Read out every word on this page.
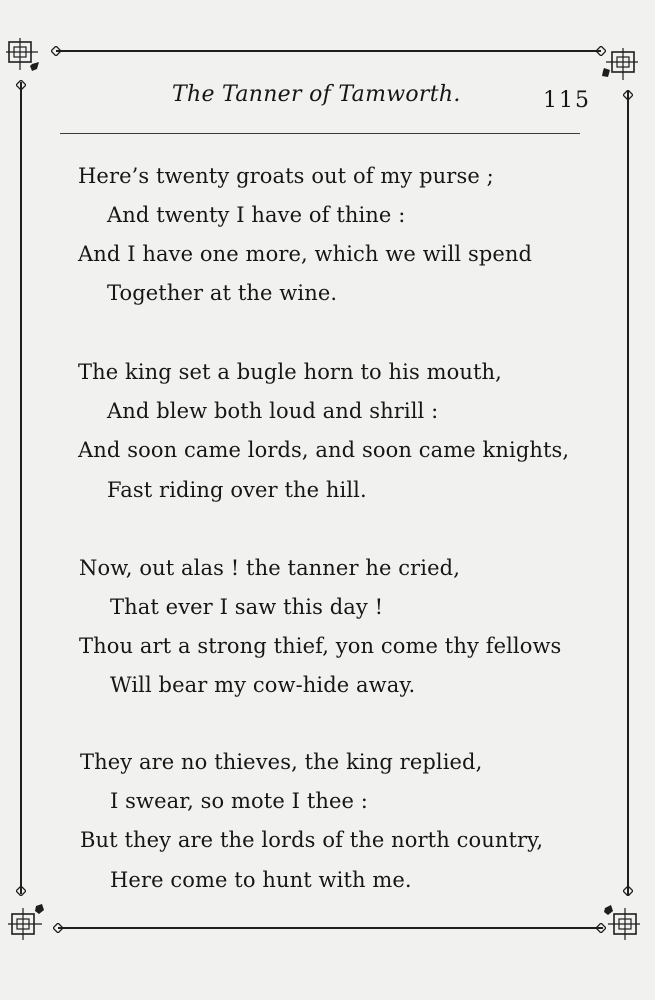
The Tanner of Tamworth.	115
Here’s twenty groats out of my purse ;
And twenty I have of thine :
And I have one more, which we will spend
Together at the wine.
The king set a bugle horn to his mouth,
And blew both loud and shrill :
And soon came lords, and soon came knights,
Fast riding over the hill.
Now, out alas ! the tanner he cried,
That ever I saw this day !
Thou art a strong thief, yon come thy fellows
Will bear my cow-hide away.
They are no thieves, the king replied,
I swear, so mote I thee :
But they are the lords of the north country,
Here come to hunt with me.
